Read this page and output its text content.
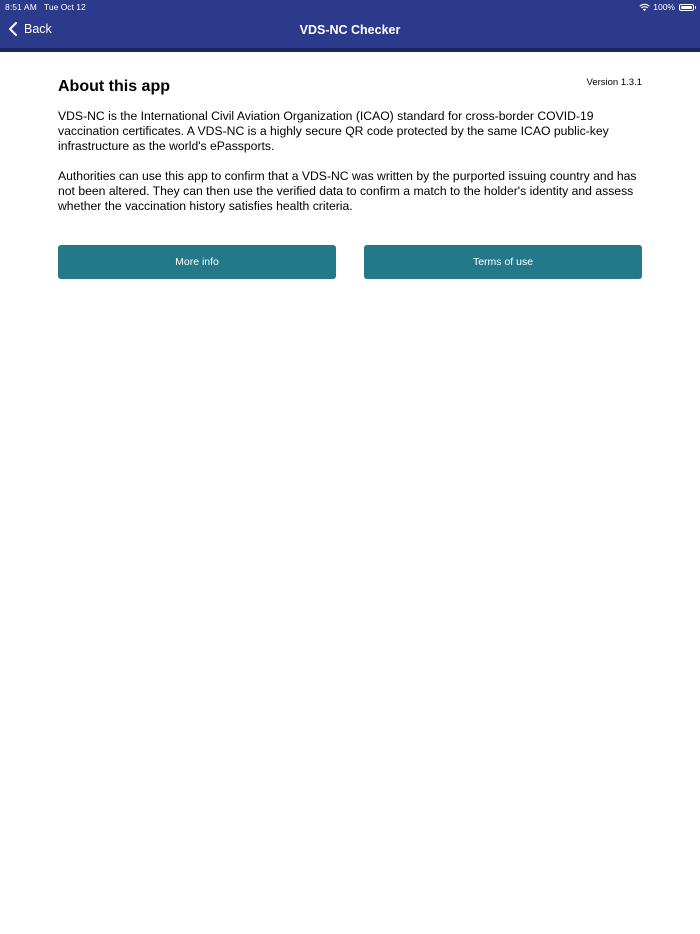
8:51 AM Tue Oct 12	100%
Back	VDS-NC Checker
About this app	Version 1.3.1
VDS-NC is the International Civil Aviation Organization (ICAO) standard for cross-border COVID-19 vaccination certificates. A VDS-NC is a highly secure QR code protected by the same ICAO public-key infrastructure as the world's ePassports.
Authorities can use this app to confirm that a VDS-NC was written by the purported issuing country and has not been altered. They can then use the verified data to confirm a match to the holder's identity and assess whether the vaccination history satisfies health criteria.
More info	Terms of use
